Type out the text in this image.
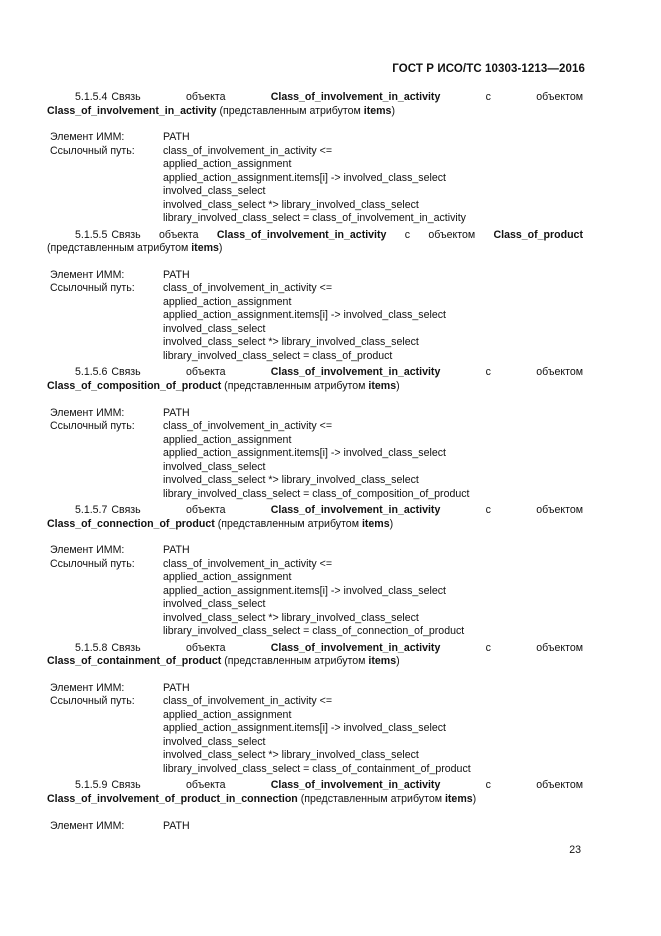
ГОСТ Р ИСО/ТС 10303-1213—2016

5.1.5.4 Связь объекта Class_of_involvement_in_activity с объектом Class_of_involvement_in_activity (представленным атрибутом items)

Элемент ИММ:	PATH
Ссылочный путь:	class_of_involvement_in_activity <=
applied_action_assignment
applied_action_assignment.items[i] -> involved_class_select
involved_class_select
involved_class_select *> library_involved_class_select
library_involved_class_select = class_of_involvement_in_activity

5.1.5.5 Связь объекта Class_of_involvement_in_activity с объектом Class_of_product (представленным атрибутом items)

Элемент ИММ:	PATH
Ссылочный путь:	class_of_involvement_in_activity <=
applied_action_assignment
applied_action_assignment.items[i] -> involved_class_select
involved_class_select
involved_class_select *> library_involved_class_select
library_involved_class_select = class_of_product

5.1.5.6 Связь объекта Class_of_involvement_in_activity с объектом Class_of_composition_of_product (представленным атрибутом items)

Элемент ИММ:	PATH
Ссылочный путь:	class_of_involvement_in_activity <=
applied_action_assignment
applied_action_assignment.items[i] -> involved_class_select
involved_class_select
involved_class_select *> library_involved_class_select
library_involved_class_select = class_of_composition_of_product

5.1.5.7 Связь объекта Class_of_involvement_in_activity с объектом Class_of_connection_of_product (представленным атрибутом items)

Элемент ИММ:	PATH
Ссылочный путь:	class_of_involvement_in_activity <=
applied_action_assignment
applied_action_assignment.items[i] -> involved_class_select
involved_class_select
involved_class_select *> library_involved_class_select
library_involved_class_select = class_of_connection_of_product

5.1.5.8 Связь объекта Class_of_involvement_in_activity с объектом Class_of_containment_of_product (представленным атрибутом items)

Элемент ИММ:	PATH
Ссылочный путь:	class_of_involvement_in_activity <=
applied_action_assignment
applied_action_assignment.items[i] -> involved_class_select
involved_class_select
involved_class_select *> library_involved_class_select
library_involved_class_select = class_of_containment_of_product

5.1.5.9 Связь объекта Class_of_involvement_in_activity с объектом Class_of_involvement_of_product_in_connection (представленным атрибутом items)

Элемент ИММ:	PATH
23
